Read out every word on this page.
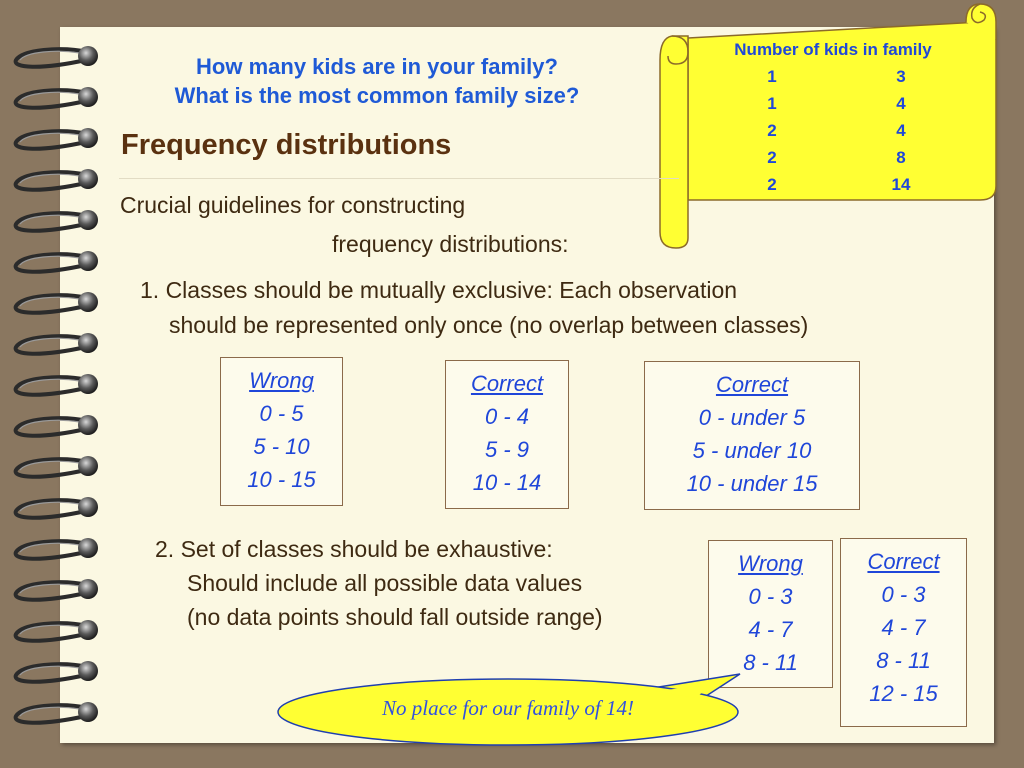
Number of kids in family
1	3
1	4
2	4
2	8
2	14
How many kids are in your family?
What is the most common family size?
Frequency distributions
Crucial guidelines for constructing
frequency distributions:
1. Classes should be mutually exclusive: Each observation
should be represented only once (no overlap between classes)
Wrong
0 - 5
5 - 10
10 - 15
Correct
0 - 4
5 - 9
10 - 14
Correct
0 - under 5
5 - under 10
10 - under 15
2. Set of classes should be exhaustive:
Should include all possible data values
(no data points should fall outside range)
Wrong
0 - 3
4 - 7
8 - 11
Correct
0 - 3
4 - 7
8 - 11
12 - 15
No place for our family of 14!
